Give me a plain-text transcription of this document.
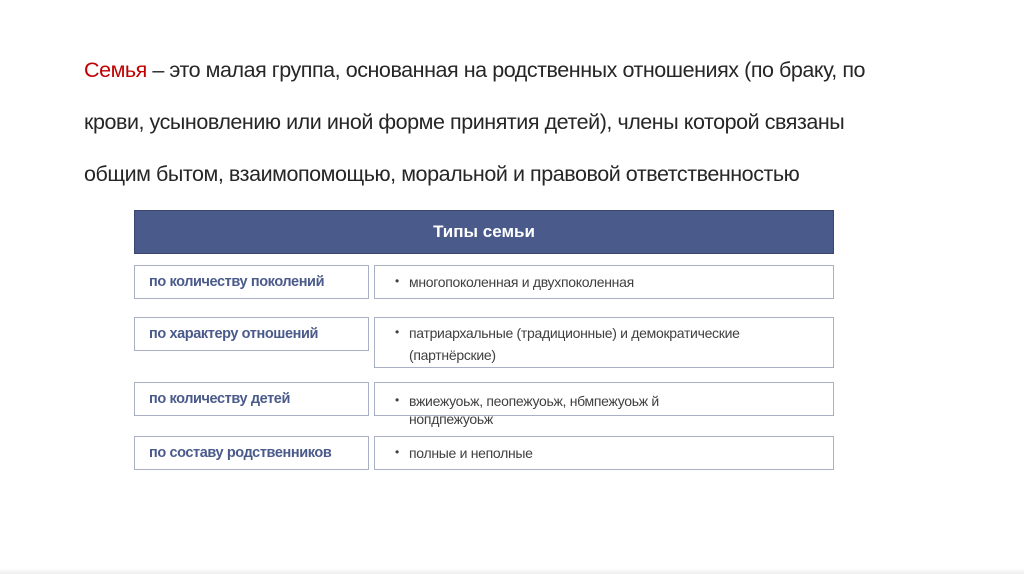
Семья – это малая группа, основанная на родственных отношениях (по браку, по
крови, усыновлению или иной форме принятия детей), члены которой связаны
общим бытом, взаимопомощью, моральной и правовой ответственностью
Типы семьи
по количеству поколений	• многопоколенная и двухпоколенная
по характеру отношений	• патриархальные (традиционные) и демократические
(партнёрские)
по количеству детей	• вжиежуоьж, пеопежуоьж, нбмпежуоьж й
нопдпежуоьж
по составу родственников	• полные и неполные
